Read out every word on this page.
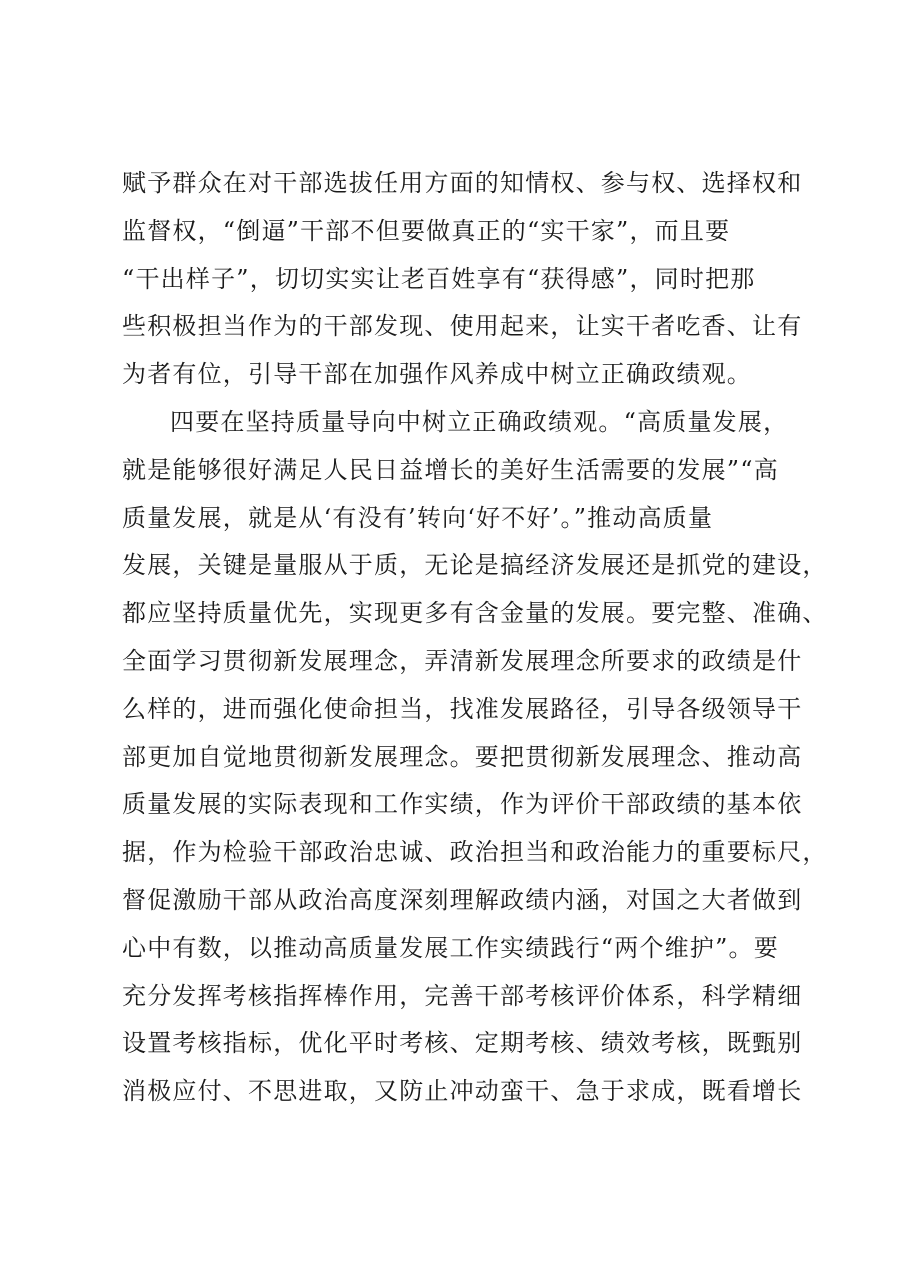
赋予群众在对干部选拔任用方面的知情权、参与权、选择权和
监督权，“倒逼”干部不但要做真正的“实干家”，而且要
“干出样子”，切切实实让老百姓享有“获得感”，同时把那
些积极担当作为的干部发现、使用起来，让实干者吃香、让有
为者有位，引导干部在加强作风养成中树立正确政绩观。
四要在坚持质量导向中树立正确政绩观。“高质量发展，
就是能够很好满足人民日益增长的美好生活需要的发展”“高
质量发展，就是从‘有没有’转向‘好不好’。”推动高质量
发展，关键是量服从于质，无论是搞经济发展还是抓党的建设，
都应坚持质量优先，实现更多有含金量的发展。要完整、准确、
全面学习贯彻新发展理念，弄清新发展理念所要求的政绩是什
么样的，进而强化使命担当，找准发展路径，引导各级领导干
部更加自觉地贯彻新发展理念。要把贯彻新发展理念、推动高
质量发展的实际表现和工作实绩，作为评价干部政绩的基本依
据，作为检验干部政治忠诚、政治担当和政治能力的重要标尺，
督促激励干部从政治高度深刻理解政绩内涵，对国之大者做到
心中有数，以推动高质量发展工作实绩践行“两个维护”。要
充分发挥考核指挥棒作用，完善干部考核评价体系，科学精细
设置考核指标，优化平时考核、定期考核、绩效考核，既甄别
消极应付、不思进取，又防止冲动蛮干、急于求成，既看增长
